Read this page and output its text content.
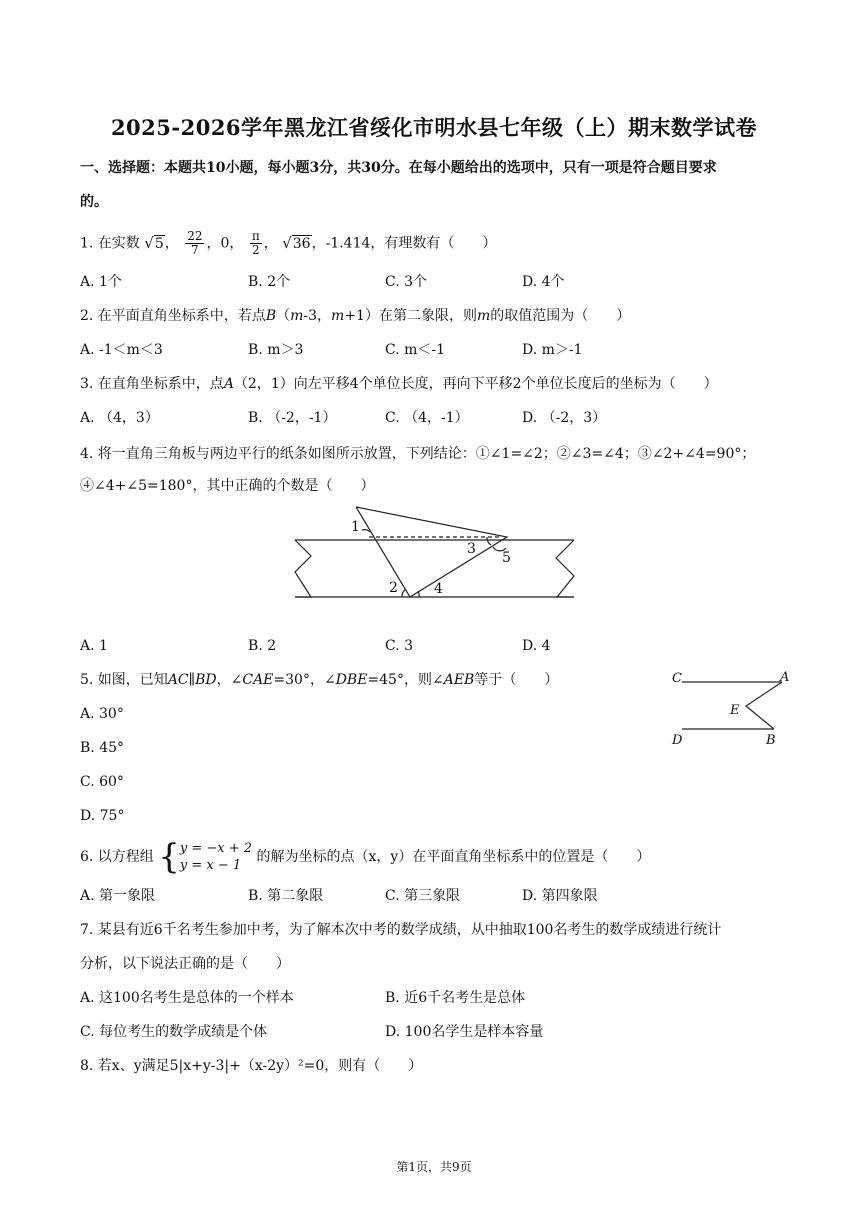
2025-2026学年黑龙江省绥化市明水县七年级（上）期末数学试卷
一、选择题：本题共10小题，每小题3分，共30分。在每小题给出的选项中，只有一项是符合题目要求
的。
1. 在实数 √5， $\frac{22}{7}$ ，0， $\frac{\pi}{2}$ ， √36，-1.414，有理数有（　　）
A. 1个	B. 2个	C. 3个	D. 4个
2. 在平面直角坐标系中，若点B（m-3，m+1）在第二象限，则m的取值范围为（　　）
A. -1＜m＜3	B. m＞3	C. m＜-1	D. m＞-1
3. 在直角坐标系中，点A（2，1）向左平移4个单位长度，再向下平移2个单位长度后的坐标为（　　）
A. （4，3）	B. （-2，-1）	C. （4，-1）	D. （-2，3）
4. 将一直角三角板与两边平行的纸条如图所示放置，下列结论：①∠1=∠2；②∠3=∠4；③∠2+∠4=90°；
④∠4+∠5=180°，其中正确的个数是（　　）
1
2
3
4
5
A. 1	B. 2	C. 3	D. 4
5. 如图，已知AC∥BD，∠CAE=30°，∠DBE=45°，则∠AEB等于（　　）	C	A
E
D	B
A. 30°
B. 45°
C. 60°
D. 75°
6. 以方程组 { y = −x + 2
y = x − 1
的解为坐标的点（x，y）在平面直角坐标系中的位置是（　　）
A. 第一象限	B. 第二象限	C. 第三象限	D. 第四象限
7. 某县有近6千名考生参加中考，为了解本次中考的数学成绩，从中抽取100名考生的数学成绩进行统计
分析，以下说法正确的是（　　）
A. 这100名考生是总体的一个样本	B. 近6千名考生是总体
C. 每位考生的数学成绩是个体	D. 100名学生是样本容量
8. 若x、y满足5|x+y-3|+（x-2y）²=0，则有（　　）
第1页，共9页
